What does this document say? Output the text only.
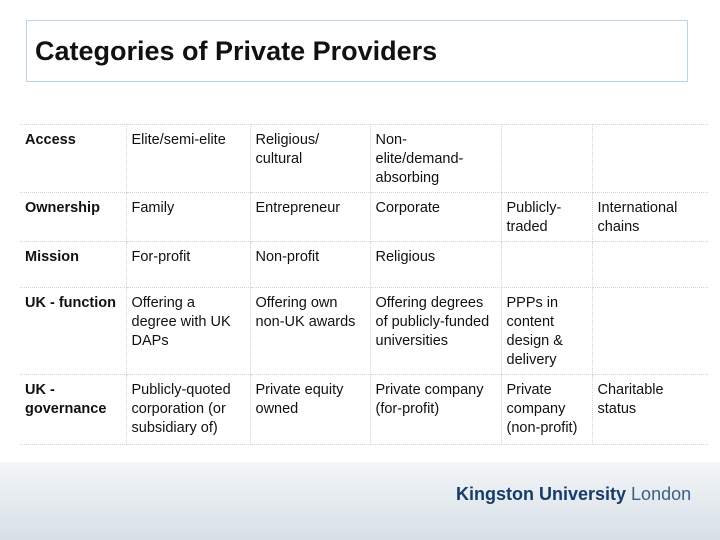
Categories of Private Providers
Access	Elite/semi-elite	Religious/ cultural	Non-elite/demand-absorbing		
Ownership	Family	Entrepreneur	Corporate	Publicly-traded	International chains
Mission	For-profit	Non-profit	Religious		
UK - function	Offering a degree with UK DAPs	Offering own non-UK awards	Offering degrees of publicly-funded universities	PPPs in content design & delivery	
UK - governance	Publicly-quoted corporation (or subsidiary of)	Private equity owned	Private company (for-profit)	Private company (non-profit)	Charitable status
Kingston University London
